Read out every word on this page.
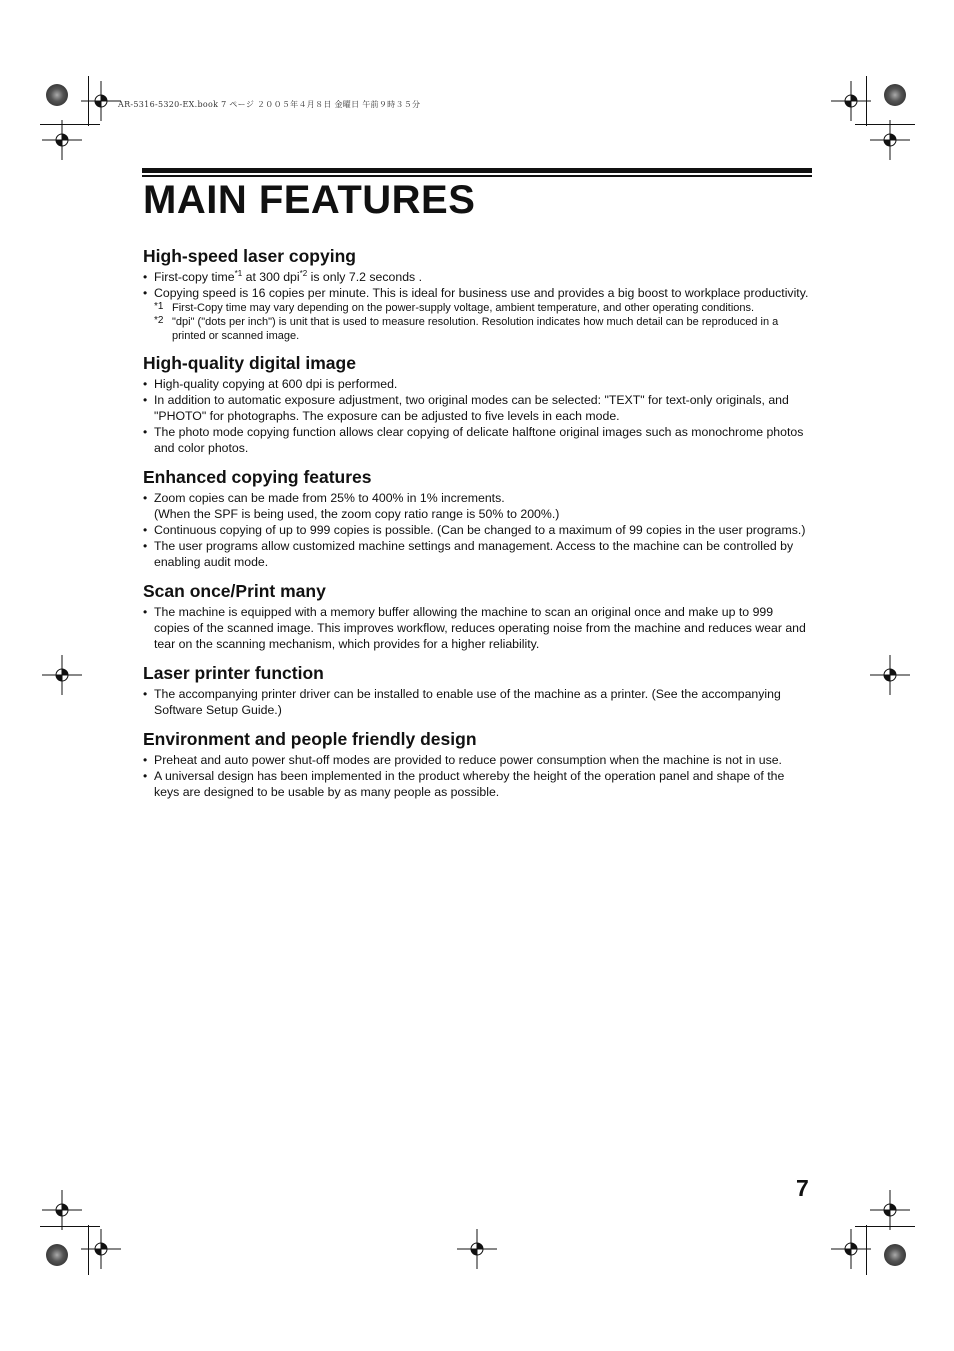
AR-5316-5320-EX.book 7 ページ ２００５年４月８日 金曜日 午前９時３５分
MAIN FEATURES
High-speed laser copying
• First-copy time$^{*1}$ at 300 dpi$^{*2}$ is only 7.2 seconds .
• Copying speed is 16 copies per minute. This is ideal for business use and provides a big boost to workplace productivity.
*1 First-Copy time may vary depending on the power-supply voltage, ambient temperature, and other operating conditions.
*2 "dpi" ("dots per inch") is unit that is used to measure resolution. Resolution indicates how much detail can be reproduced in a printed or scanned image.
High-quality digital image
• High-quality copying at 600 dpi is performed.
• In addition to automatic exposure adjustment, two original modes can be selected: "TEXT" for text-only originals, and "PHOTO" for photographs. The exposure can be adjusted to five levels in each mode.
• The photo mode copying function allows clear copying of delicate halftone original images such as monochrome photos and color photos.
Enhanced copying features
• Zoom copies can be made from 25% to 400% in 1% increments.
(When the SPF is being used, the zoom copy ratio range is 50% to 200%.)
• Continuous copying of up to 999 copies is possible. (Can be changed to a maximum of 99 copies in the user programs.)
• The user programs allow customized machine settings and management. Access to the machine can be controlled by enabling audit mode.
Scan once/Print many
• The machine is equipped with a memory buffer allowing the machine to scan an original once and make up to 999 copies of the scanned image. This improves workflow, reduces operating noise from the machine and reduces wear and tear on the scanning mechanism, which provides for a higher reliability.
Laser printer function
• The accompanying printer driver can be installed to enable use of the machine as a printer. (See the accompanying Software Setup Guide.)
Environment and people friendly design
• Preheat and auto power shut-off modes are provided to reduce power consumption when the machine is not in use.
• A universal design has been implemented in the product whereby the height of the operation panel and shape of the keys are designed to be usable by as many people as possible.
7
